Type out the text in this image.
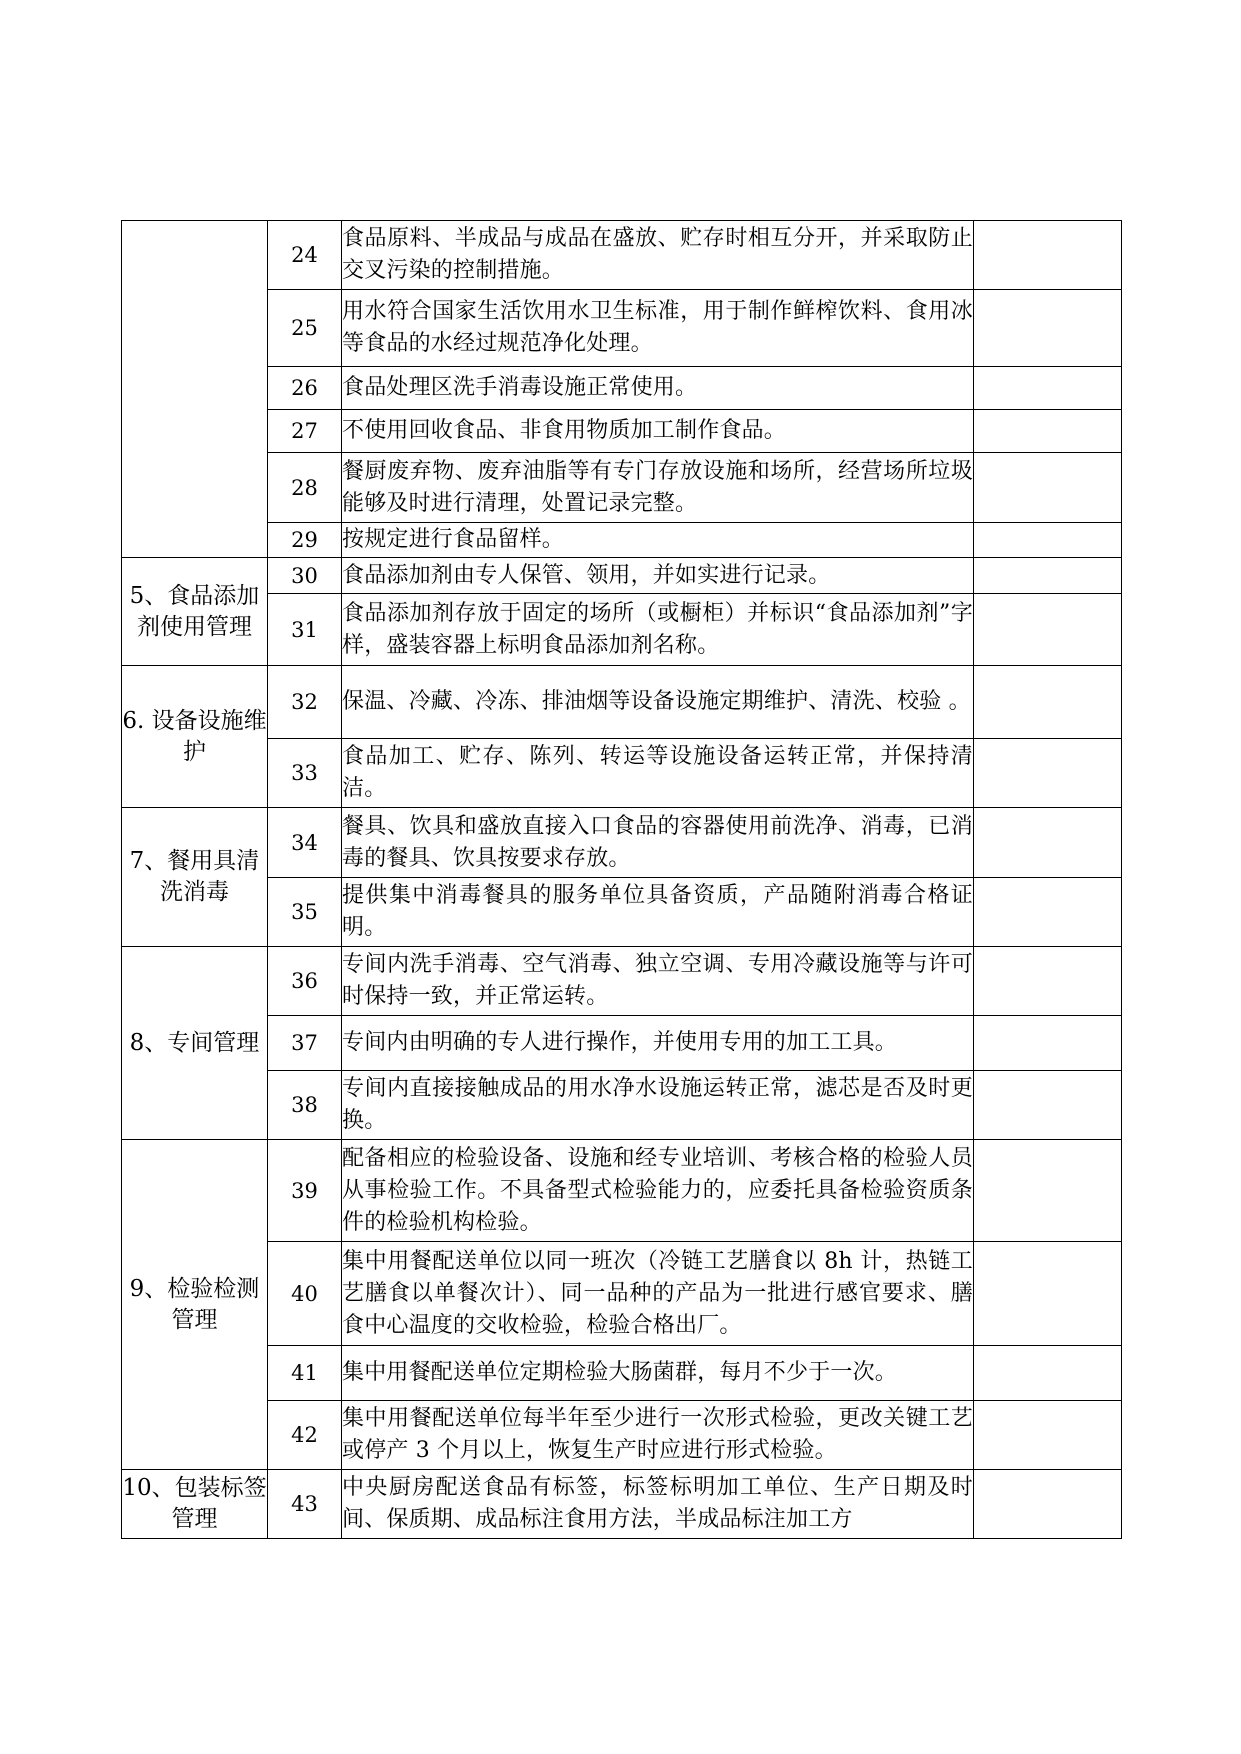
	24	食品原料、半成品与成品在盛放、贮存时相互分开，并采取防止交叉污染的控制措施。	
	25	用水符合国家生活饮用水卫生标准，用于制作鲜榨饮料、食用冰等食品的水经过规范净化处理。	
	26	食品处理区洗手消毒设施正常使用。	
	27	不使用回收食品、非食用物质加工制作食品。	
	28	餐厨废弃物、废弃油脂等有专门存放设施和场所，经营场所垃圾能够及时进行清理，处置记录完整。	
	29	按规定进行食品留样。	
5、食品添加剂使用管理	30	食品添加剂由专人保管、领用，并如实进行记录。	
	31	食品添加剂存放于固定的场所（或橱柜）并标识“食品添加剂”字样，盛装容器上标明食品添加剂名称。	
6. 设备设施维护	32	保温、冷藏、冷冻、排油烟等设备设施定期维护、清洗、校验 。	
	33	食品加工、贮存、陈列、转运等设施设备运转正常，并保持清洁。	
7、餐用具清洗消毒	34	餐具、饮具和盛放直接入口食品的容器使用前洗净、消毒，已消毒的餐具、饮具按要求存放。	
	35	提供集中消毒餐具的服务单位具备资质，产品随附消毒合格证明。	
8、专间管理	36	专间内洗手消毒、空气消毒、独立空调、专用冷藏设施等与许可时保持一致，并正常运转。	
	37	专间内由明确的专人进行操作，并使用专用的加工工具。	
	38	专间内直接接触成品的用水净水设施运转正常，滤芯是否及时更换。	
9、检验检测管理	39	配备相应的检验设备、设施和经专业培训、考核合格的检验人员从事检验工作。不具备型式检验能力的，应委托具备检验资质条件的检验机构检验。	
	40	集中用餐配送单位以同一班次（冷链工艺膳食以 8h 计，热链工艺膳食以单餐次计）、同一品种的产品为一批进行感官要求、膳食中心温度的交收检验，检验合格出厂。	
	41	集中用餐配送单位定期检验大肠菌群，每月不少于一次。	
	42	集中用餐配送单位每半年至少进行一次形式检验，更改关键工艺或停产 3 个月以上，恢复生产时应进行形式检验。	
10、包装标签管理	43	中央厨房配送食品有标签，标签标明加工单位、生产日期及时间、保质期、成品标注食用方法，半成品标注加工方	
